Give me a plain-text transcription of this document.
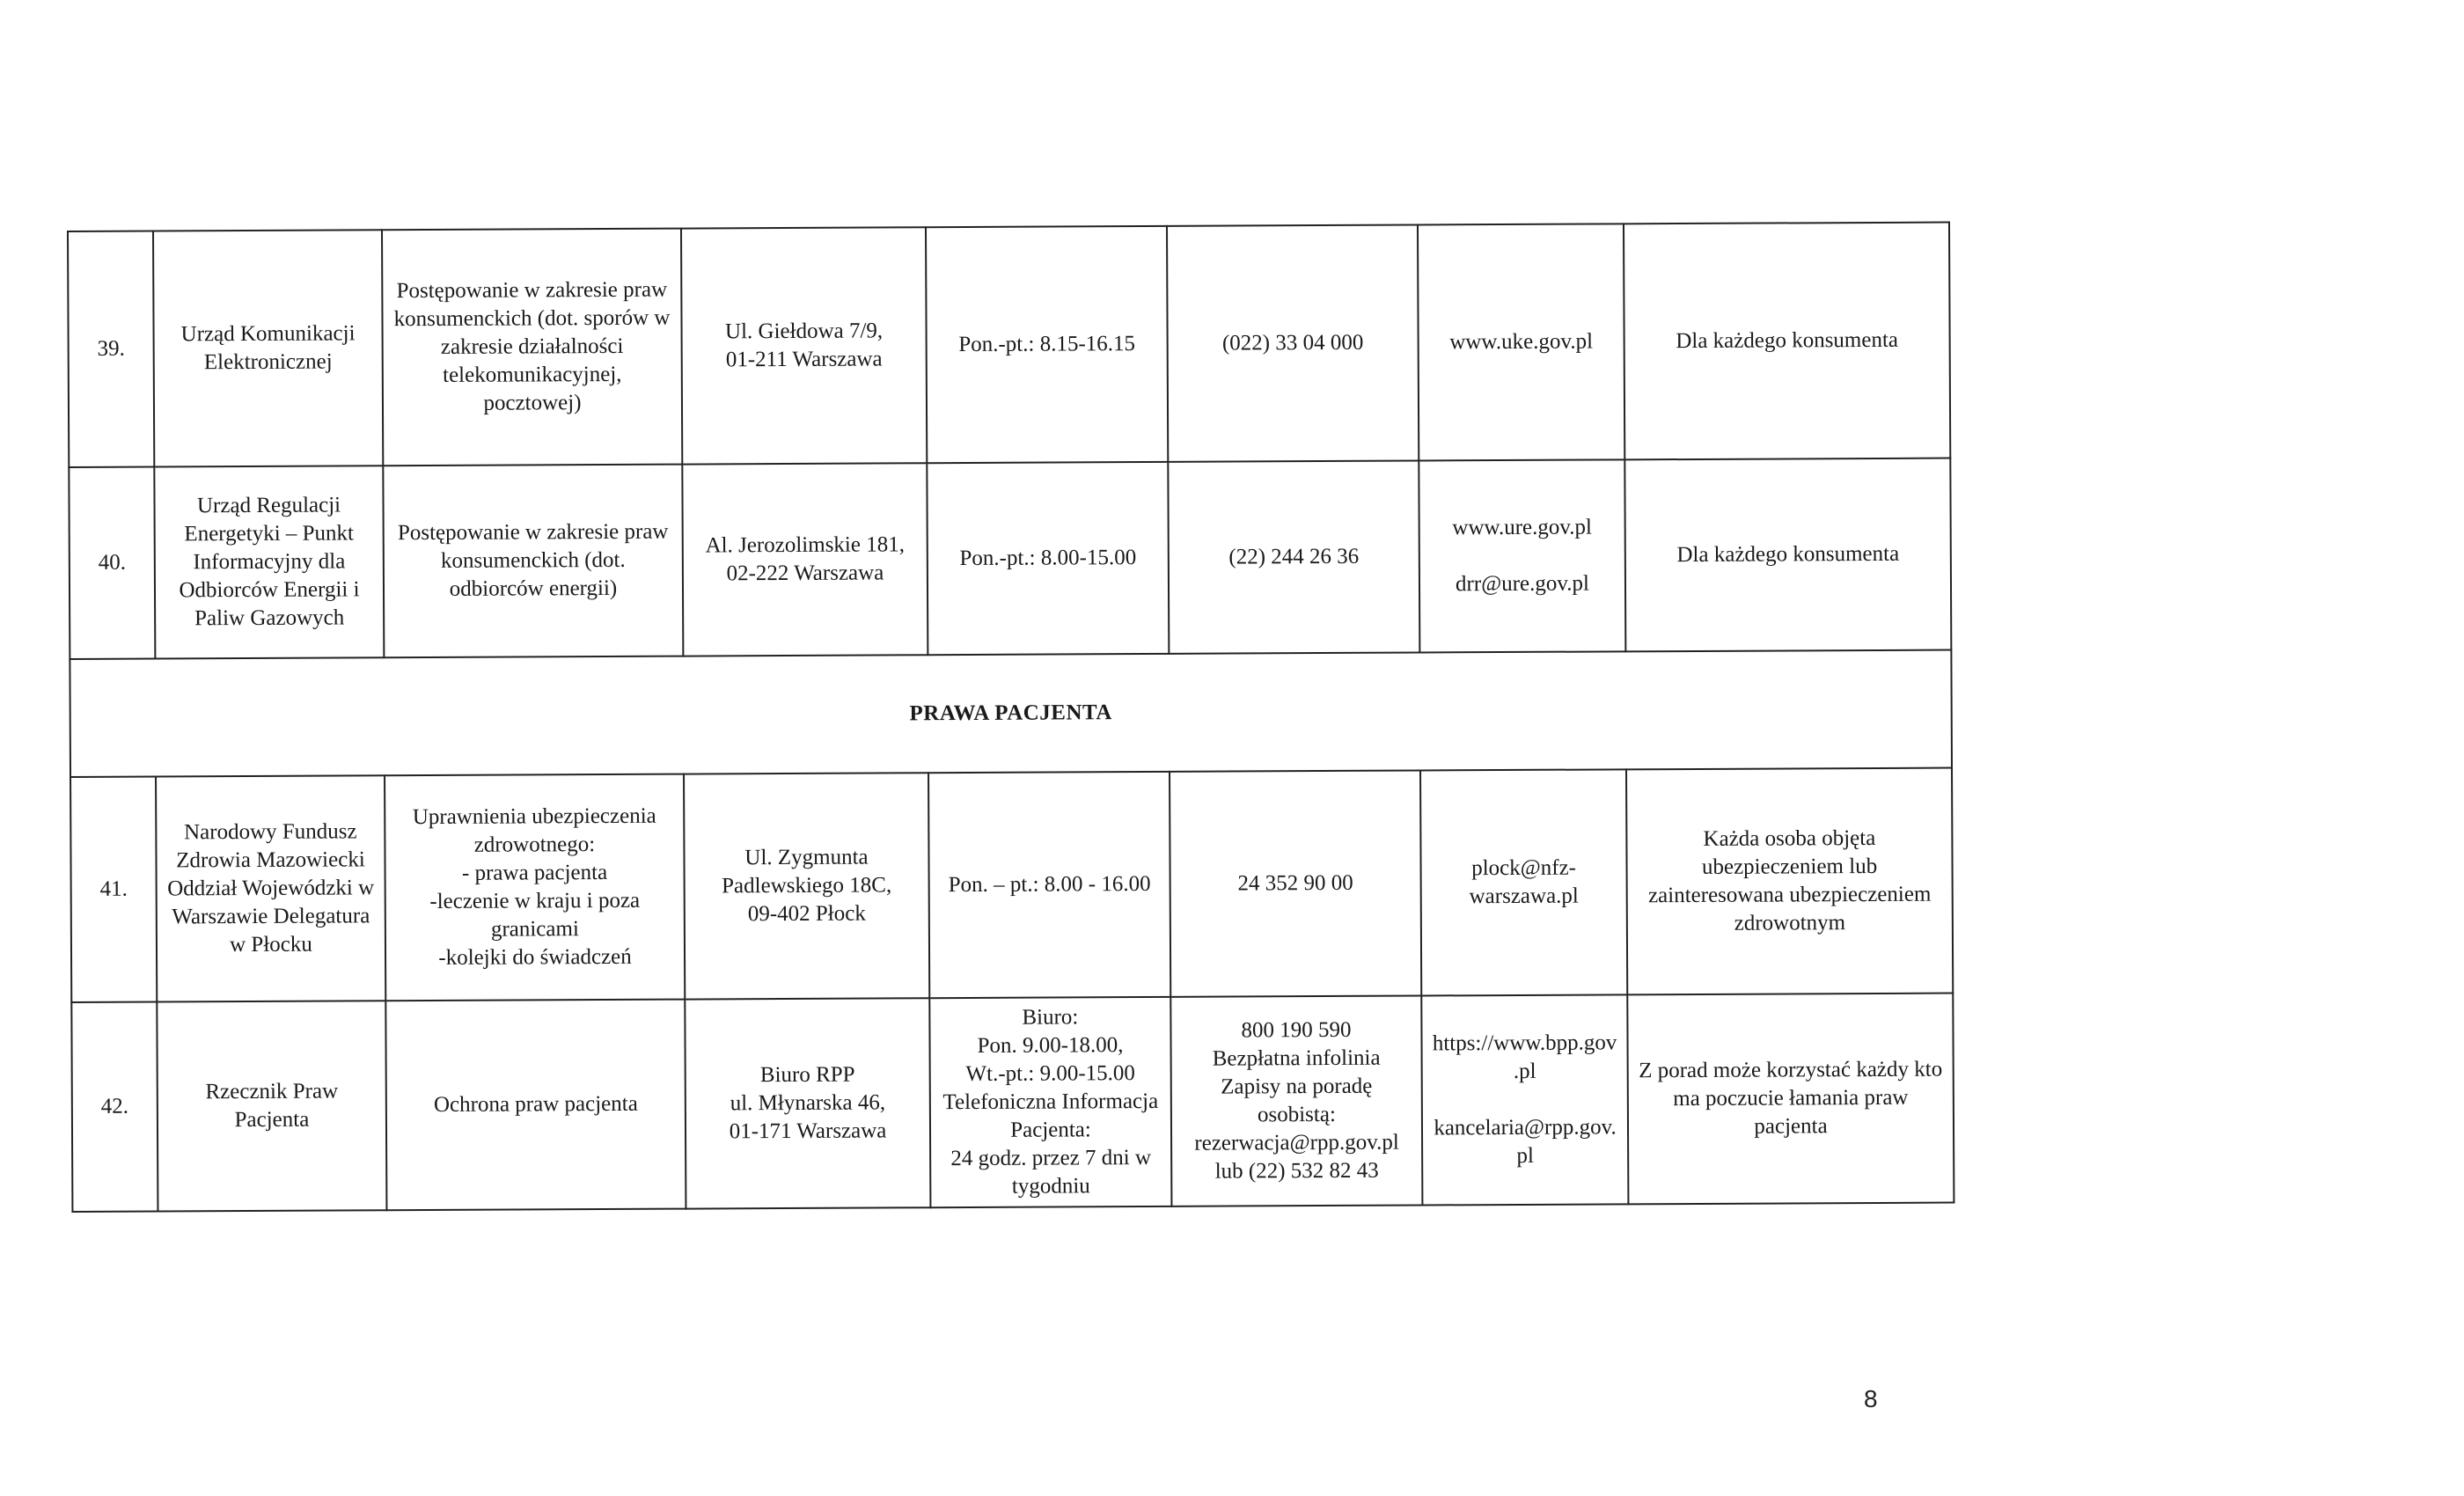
39.	Urząd Komunikacji Elektronicznej	Postępowanie w zakresie praw konsumenckich (dot. sporów w zakresie działalności telekomunikacyjnej, pocztowej)	Ul. Giełdowa 7/9,
01-211 Warszawa	Pon.-pt.: 8.15-16.15	(022) 33 04 000	www.uke.gov.pl	Dla każdego konsumenta
40.	Urząd Regulacji Energetyki – Punkt Informacyjny dla Odbiorców Energii i Paliw Gazowych	Postępowanie w zakresie praw konsumenckich (dot. odbiorców energii)	Al. Jerozolimskie 181,
02-222 Warszawa	Pon.-pt.: 8.00-15.00	(22) 244 26 36	www.ure.gov.pl
drr@ure.gov.pl	Dla każdego konsumenta
PRAWA PACJENTA							
41.	Narodowy Fundusz Zdrowia Mazowiecki Oddział Wojewódzki w Warszawie Delegatura w Płocku	Uprawnienia ubezpieczenia zdrowotnego:
- prawa pacjenta
-leczenie w kraju i poza granicami
-kolejki do świadczeń	Ul. Zygmunta Padlewskiego 18C,
09-402 Płock	Pon. – pt.: 8.00 - 16.00	24 352 90 00	plock@nfz-warszawa.pl	Każda osoba objęta ubezpieczeniem lub zainteresowana ubezpieczeniem zdrowotnym
42.	Rzecznik Praw Pacjenta	Ochrona praw pacjenta	Biuro RPP
ul. Młynarska 46,
01-171 Warszawa	Biuro:
Pon. 9.00-18.00,
Wt.-pt.: 9.00-15.00
Telefoniczna Informacja Pacjenta:
24 godz. przez 7 dni w tygodniu	800 190 590
Bezpłatna infolinia
Zapisy na poradę osobistą: rezerwacja@rpp.gov.pl lub (22) 532 82 43	https://www.bpp.gov.pl
kancelaria@rpp.gov.pl	Z porad może korzystać każdy kto ma poczucie łamania praw pacjenta
8
